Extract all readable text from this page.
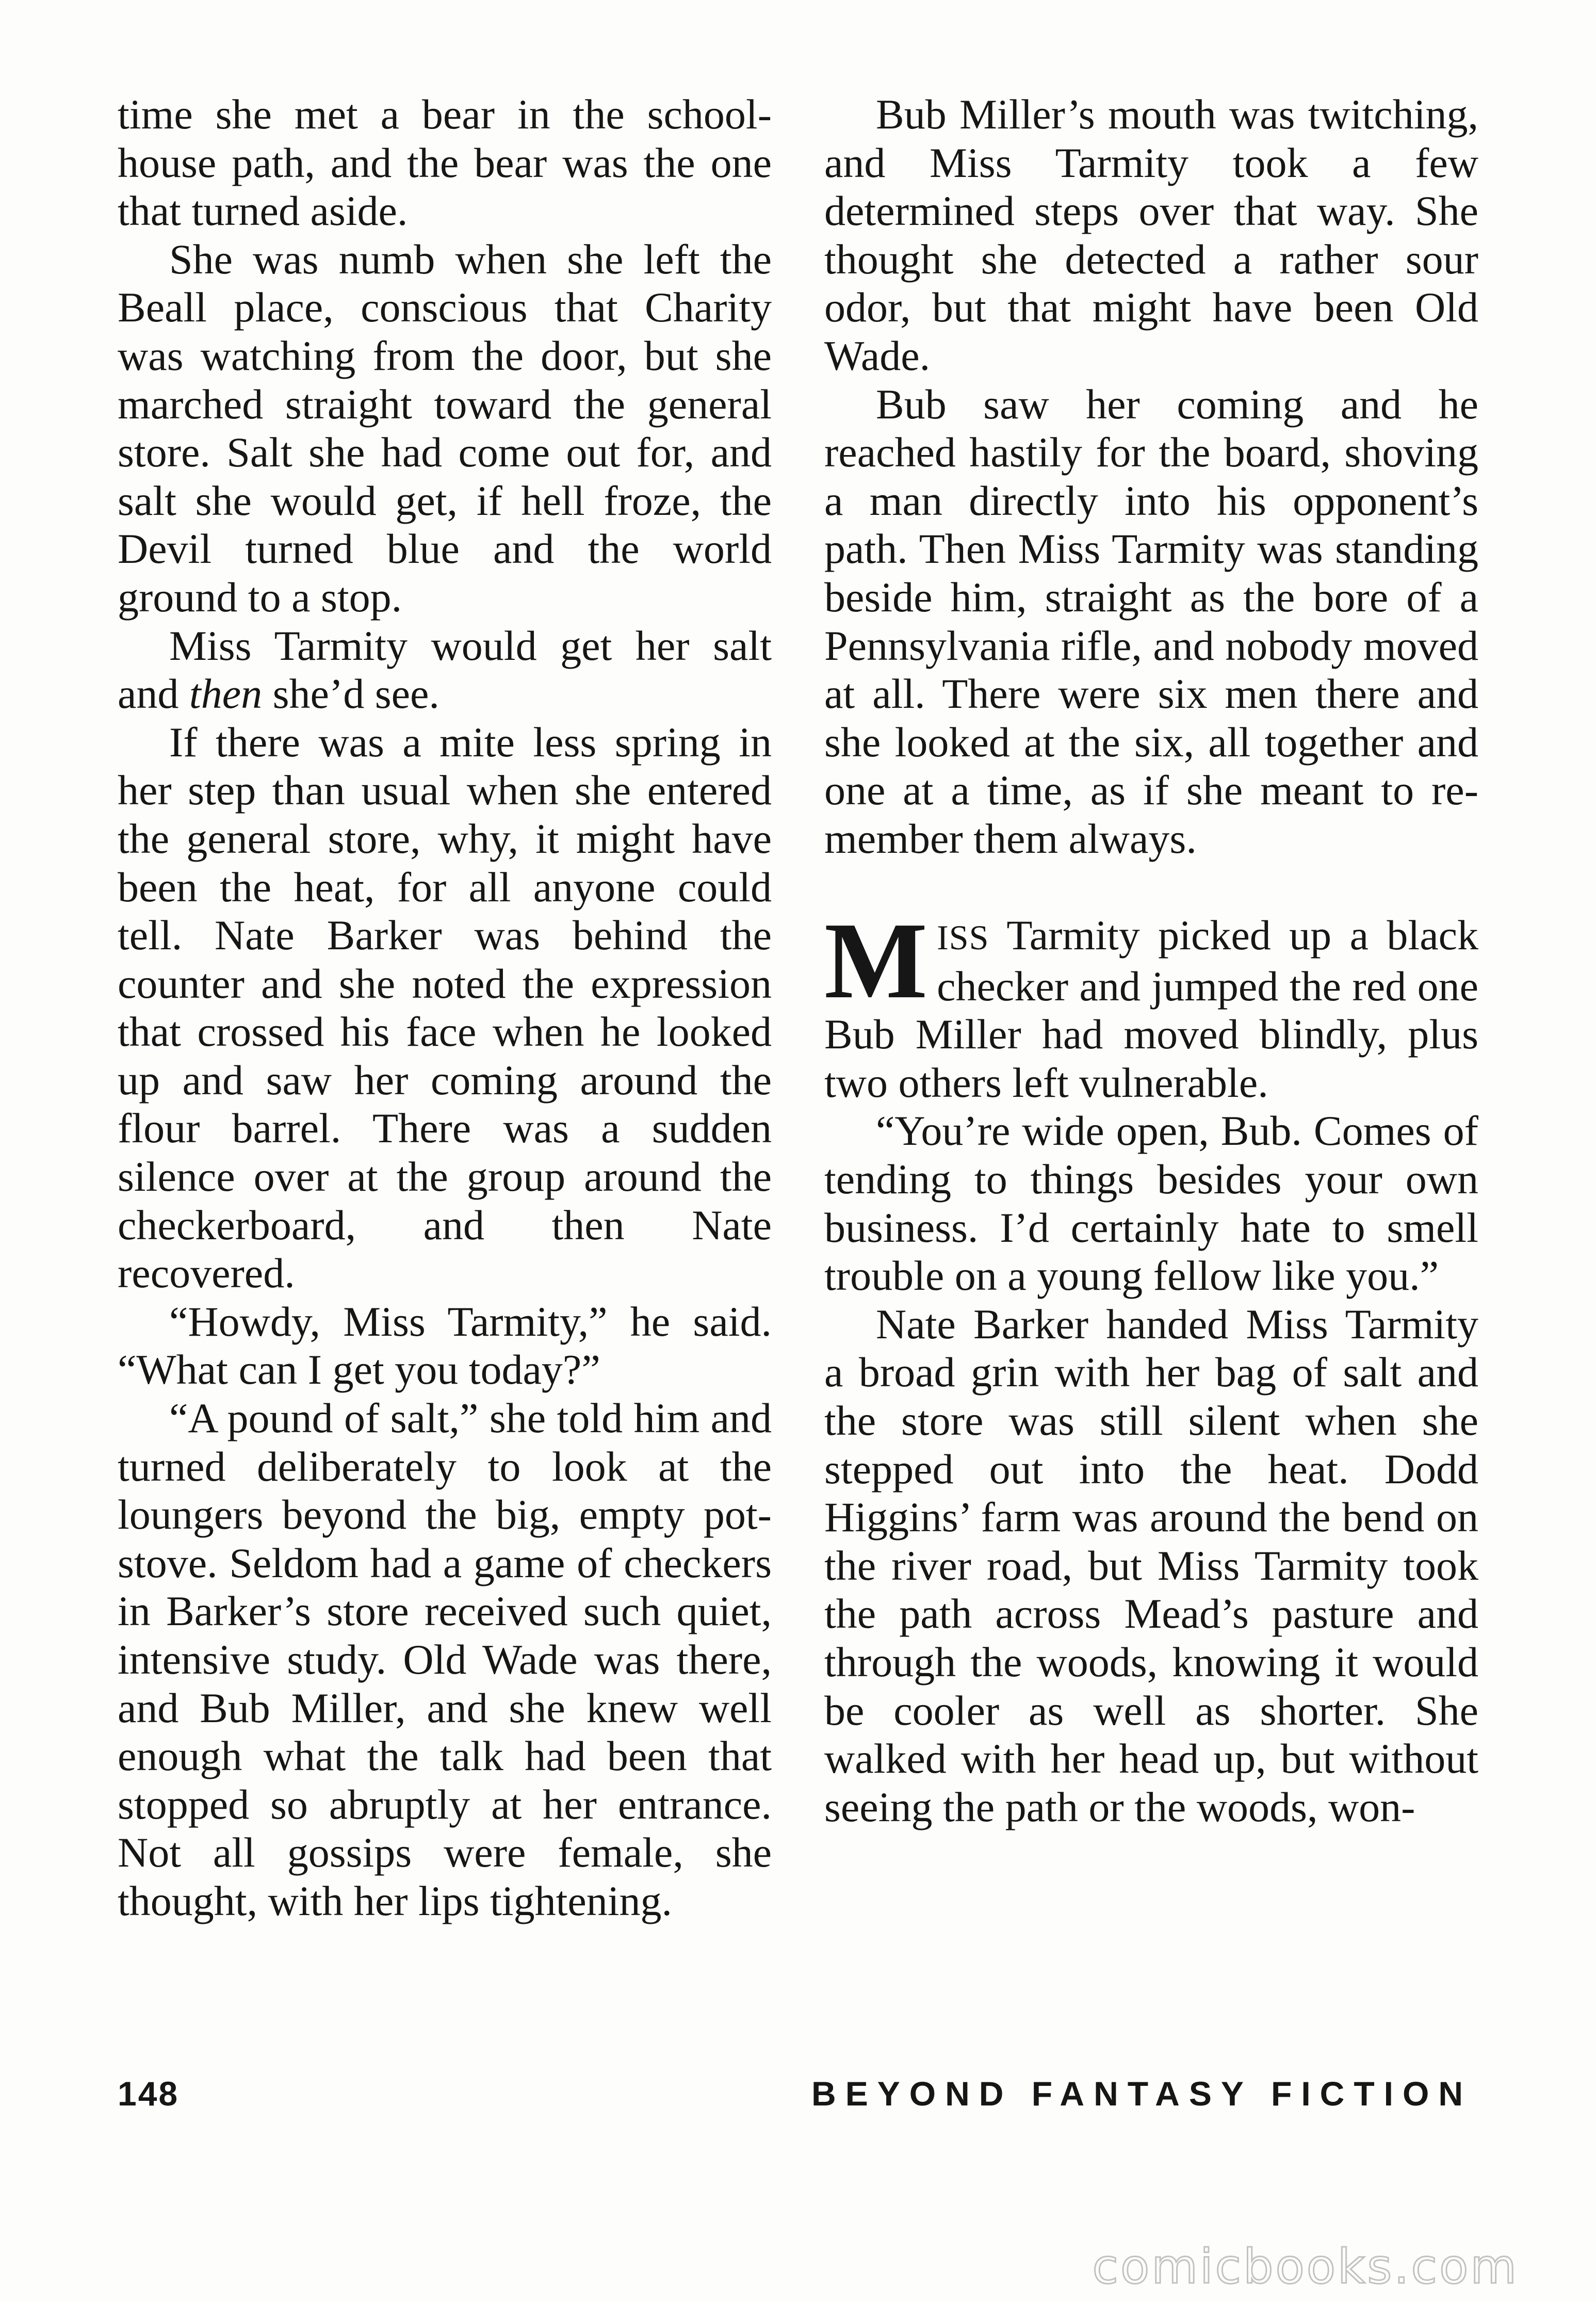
time she met a bear in the schoolhouse path, and the bear was the one that turned aside.

She was numb when she left the Beall place, conscious that Charity was watching from the door, but she marched straight toward the general store. Salt she had come out for, and salt she would get, if hell froze, the Devil turned blue and the world ground to a stop.

Miss Tarmity would get her salt and then she’d see.

If there was a mite less spring in her step than usual when she entered the general store, why, it might have been the heat, for all anyone could tell. Nate Barker was behind the counter and she noted the expression that crossed his face when he looked up and saw her coming around the flour barrel. There was a sudden silence over at the group around the checkerboard, and then Nate recovered.

“Howdy, Miss Tarmity,” he said. “What can I get you today?”

“A pound of salt,” she told him and turned deliberately to look at the loungers beyond the big, empty pot-stove. Seldom had a game of checkers in Barker’s store received such quiet, intensive study. Old Wade was there, and Bub Miller, and she knew well enough what the talk had been that stopped so abruptly at her entrance. Not all gossips were female, she thought, with her lips tightening.

Bub Miller’s mouth was twitching, and Miss Tarmity took a few determined steps over that way. She thought she detected a rather sour odor, but that might have been Old Wade.

Bub saw her coming and he reached hastily for the board, shoving a man directly into his opponent’s path. Then Miss Tarmity was standing beside him, straight as the bore of a Pennsylvania rifle, and nobody moved at all. There were six men there and she looked at the six, all together and one at a time, as if she meant to remember them always.

MISS Tarmity picked up a black checker and jumped the red one Bub Miller had moved blindly, plus two others left vulnerable.

“You’re wide open, Bub. Comes of tending to things besides your own business. I’d certainly hate to smell trouble on a young fellow like you.”

Nate Barker handed Miss Tarmity a broad grin with her bag of salt and the store was still silent when she stepped out into the heat. Dodd Higgins’ farm was around the bend on the river road, but Miss Tarmity took the path across Mead’s pasture and through the woods, knowing it would be cooler as well as shorter. She walked with her head up, but without seeing the path or the woods, won-

148	BEYOND FANTASY FICTION
comicbooks.com
